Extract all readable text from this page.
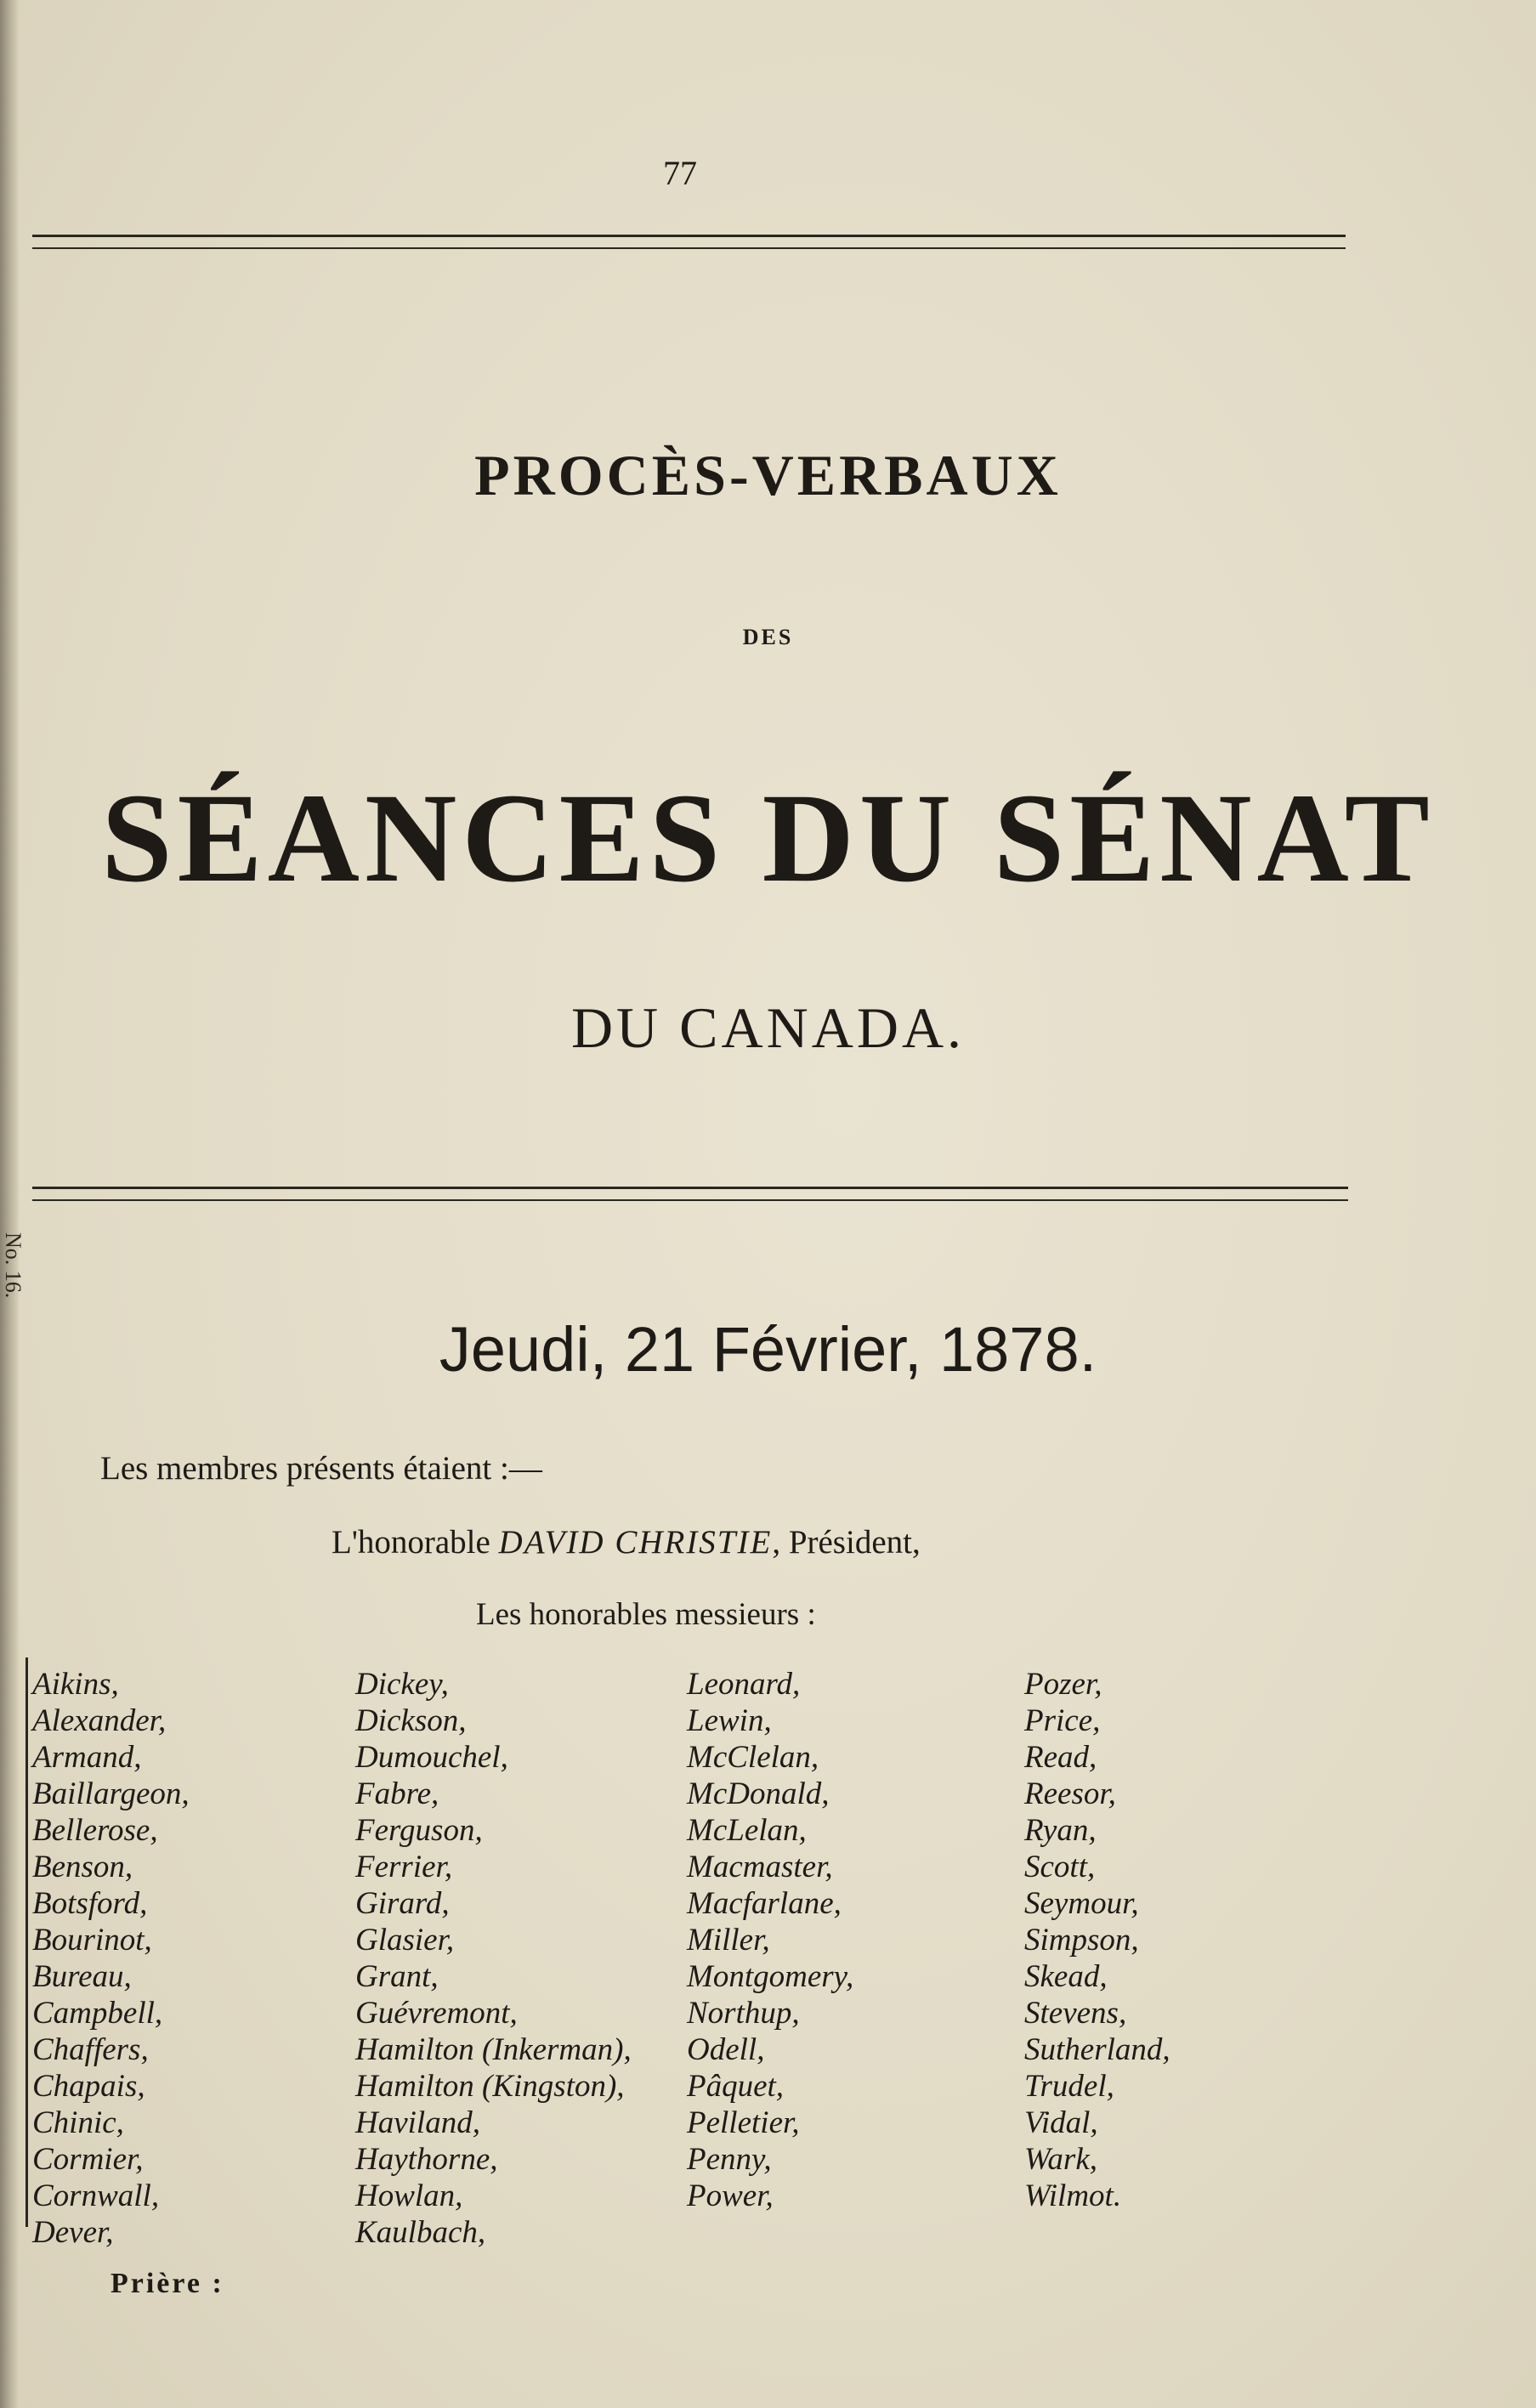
No. 16.
77
PROCÈS-VERBAUX
DES
SÉANCES DU SÉNAT
DU CANADA.
Jeudi, 21 Février, 1878.
Les membres présents étaient :—
L'honorable DAVID CHRISTIE, Président,
Les honorables messieurs :
Aikins,
Alexander,
Armand,
Baillargeon,
Bellerose,
Benson,
Botsford,
Bourinot,
Bureau,
Campbell,
Chaffers,
Chapais,
Chinic,
Cormier,
Cornwall,
Dever,
Dickey,
Dickson,
Dumouchel,
Fabre,
Ferguson,
Ferrier,
Girard,
Glasier,
Grant,
Guévremont,
Hamilton (Inkerman),
Hamilton (Kingston),
Haviland,
Haythorne,
Howlan,
Kaulbach,
Leonard,
Lewin,
McClelan,
McDonald,
McLelan,
Macmaster,
Macfarlane,
Miller,
Montgomery,
Northup,
Odell,
Pâquet,
Pelletier,
Penny,
Power,
Pozer,
Price,
Read,
Reesor,
Ryan,
Scott,
Seymour,
Simpson,
Skead,
Stevens,
Sutherland,
Trudel,
Vidal,
Wark,
Wilmot.
Prière :
